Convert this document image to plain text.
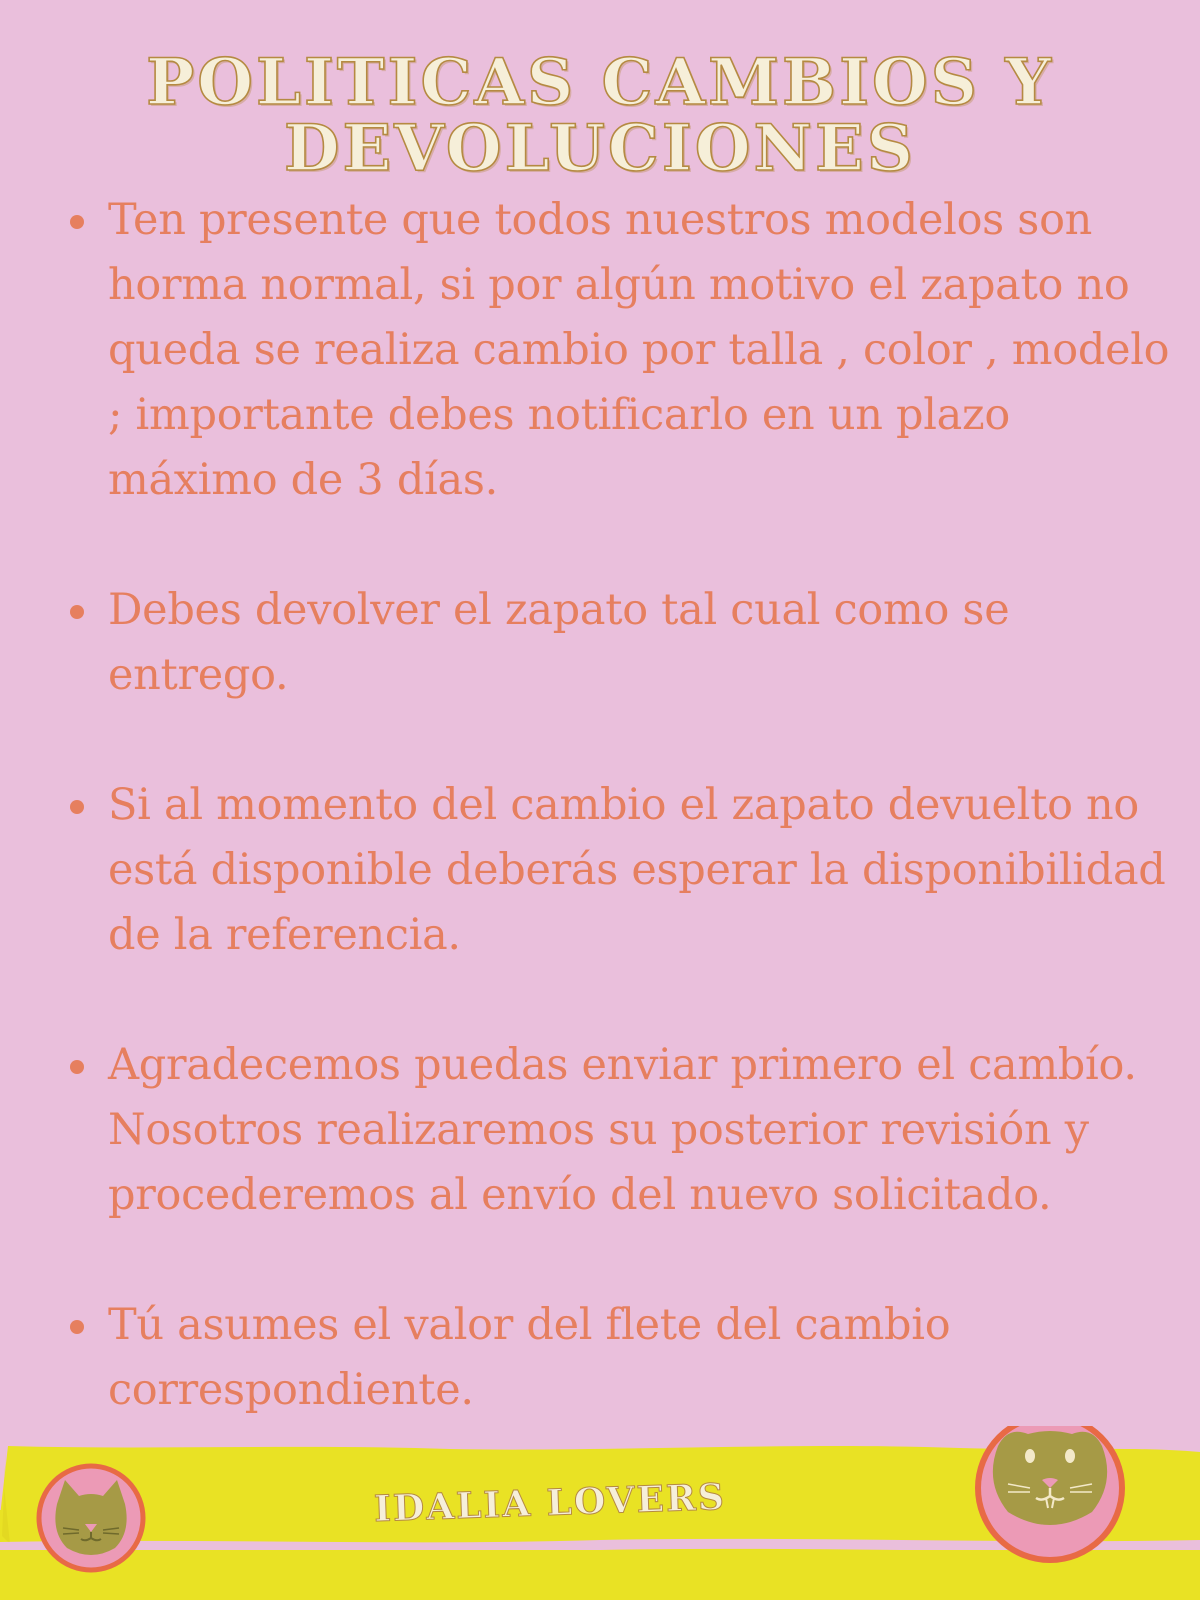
POLITICAS CAMBIOS Y
DEVOLUCIONES
Ten presente que todos nuestros modelos son horma normal, si por algún motivo el zapato no queda se realiza cambio por talla , color , modelo ; importante debes notificarlo en un plazo máximo de 3 días.
Debes devolver el zapato tal cual como se entrego.
Si al momento del cambio el zapato devuelto no está disponible deberás esperar la disponibilidad de la referencia.
Agradecemos puedas enviar primero el cambío. Nosotros realizaremos su posterior revisión y procederemos al envío del nuevo solicitado.
Tú asumes el valor del flete del cambio correspondiente.
IDALIA LOVERS
